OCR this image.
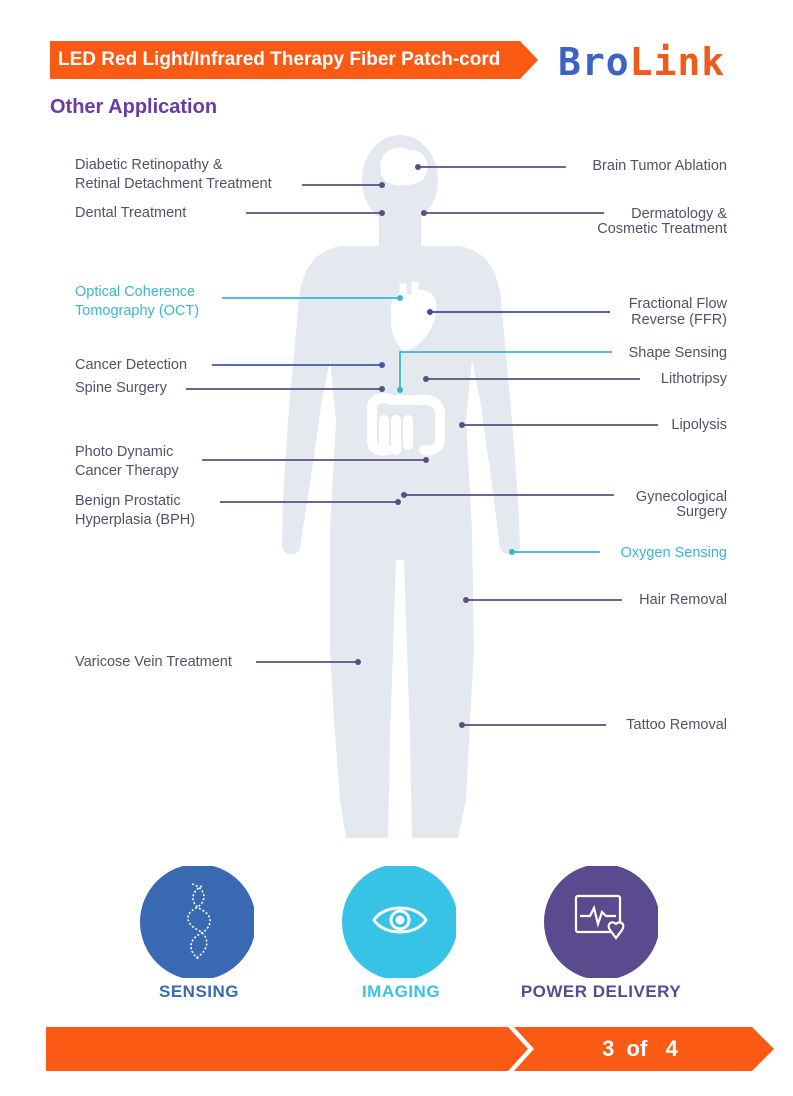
LED Red Light/Infrared Therapy Fiber Patch-cord BroLink
Other Application
Diabetic Retinopathy &
Retinal Detachment Treatment
Dental Treatment
Optical Coherence
Tomography (OCT)
Cancer Detection
Spine Surgery
Photo Dynamic
Cancer Therapy
Benign Prostatic
Hyperplasia (BPH)
Varicose Vein Treatment
Brain Tumor Ablation
Dermatology &
Cosmetic Treatment
Fractional Flow
Reverse (FFR)
Shape Sensing
Lithotripsy
Lipolysis
Gynecological
Surgery
Oxygen Sensing
Hair Removal
Tattoo Removal
SENSING	IMAGING	POWER DELIVERY
3  of   4
